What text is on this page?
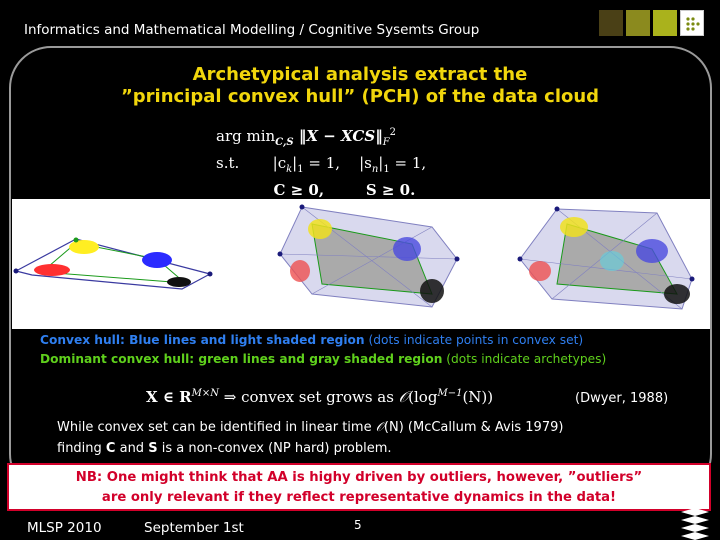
Informatics and Mathematical Modelling / Cognitive Sysemts Group
Archetypical analysis extract the
”principal convex hull” (PCH) of the data cloud
arg $\min_{C,S}$ ‖X − $XCS‖_F^2$
s.t.       $|c_k|_1 = 1$,    $|s_n|_1 = 1$,
C ≥ 0,        S ≥ 0.
Convex hull: Blue lines and light shaded region (dots indicate points in convex set)
Dominant convex hull: green lines and gray shaded region (dots indicate archetypes)
X ∈ $R^{M\times N}$ ⇒ convex set grows as $𝒪(\log^{M-1}(N))$	(Dwyer, 1988)
While convex set can be identified in linear time 𝒪(N) (McCallum & Avis 1979)
finding C and S is a non-convex (NP hard) problem.
NB: One might think that AA is highy driven by outliers, however, ”outliers”
are only relevant if they reflect representative dynamics in the data!
MLSP 2010	September 1st	5
